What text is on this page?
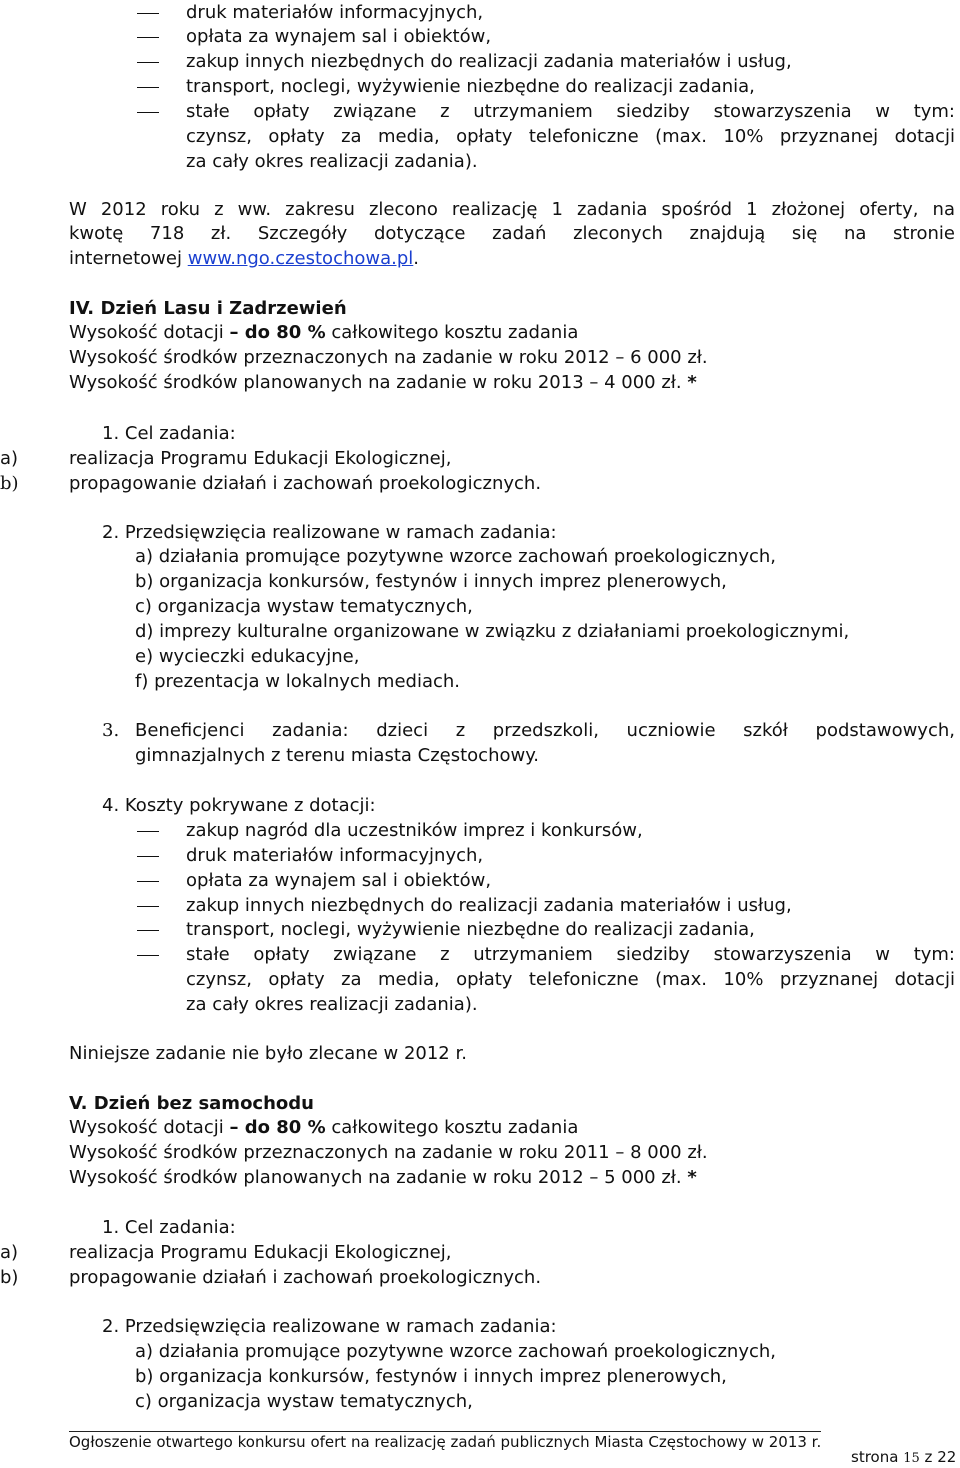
druk materiałów informacyjnych,
opłata za wynajem sal i obiektów,
zakup innych niezbędnych do realizacji zadania materiałów i usług,
transport, noclegi, wyżywienie niezbędne do realizacji zadania,
stałe opłaty związane z utrzymaniem siedziby stowarzyszenia w tym:
czynsz, opłaty za media, opłaty telefoniczne (max. 10% przyznanej dotacji
za cały okres realizacji zadania).
W 2012 roku z ww. zakresu zlecono realizację 1 zadania spośród 1 złożonej oferty, na
kwotę 718 zł. Szczegóły dotyczące zadań zleconych znajdują się na stronie
internetowej www.ngo.czestochowa.pl.
IV. Dzień Lasu i Zadrzewień
Wysokość dotacji – do 80 % całkowitego kosztu zadania
Wysokość środków przeznaczonych na zadanie w roku 2012 – 6 000 zł.
Wysokość środków planowanych na zadanie w roku 2013 – 4 000 zł. *
1. Cel zadania:
a)	realizacja Programu Edukacji Ekologicznej,
b)	propagowanie działań i zachowań proekologicznych.
2. Przedsięwzięcia realizowane w ramach zadania:
a) działania promujące pozytywne wzorce zachowań proekologicznych,
b) organizacja konkursów, festynów i innych imprez plenerowych,
c) organizacja wystaw tematycznych,
d) imprezy kulturalne organizowane w związku z działaniami proekologicznymi,
e) wycieczki edukacyjne,
f) prezentacja w lokalnych mediach.
3. Beneficjenci zadania: dzieci z przedszkoli, uczniowie szkół podstawowych,
gimnazjalnych z terenu miasta Częstochowy.
4. Koszty pokrywane z dotacji:
zakup nagród dla uczestników imprez i konkursów,
druk materiałów informacyjnych,
opłata za wynajem sal i obiektów,
zakup innych niezbędnych do realizacji zadania materiałów i usług,
transport, noclegi, wyżywienie niezbędne do realizacji zadania,
stałe opłaty związane z utrzymaniem siedziby stowarzyszenia w tym:
czynsz, opłaty za media, opłaty telefoniczne (max. 10% przyznanej dotacji
za cały okres realizacji zadania).
Niniejsze zadanie nie było zlecane w 2012 r.
V. Dzień bez samochodu
Wysokość dotacji – do 80 % całkowitego kosztu zadania
Wysokość środków przeznaczonych na zadanie w roku 2011 – 8 000 zł.
Wysokość środków planowanych na zadanie w roku 2012 – 5 000 zł. *
1. Cel zadania:
a)	realizacja Programu Edukacji Ekologicznej,
b)	propagowanie działań i zachowań proekologicznych.
2. Przedsięwzięcia realizowane w ramach zadania:
a) działania promujące pozytywne wzorce zachowań proekologicznych,
b) organizacja konkursów, festynów i innych imprez plenerowych,
c) organizacja wystaw tematycznych,
Ogłoszenie otwartego konkursu ofert na realizację zadań publicznych Miasta Częstochowy w 2013 r.
strona 15 z 22
